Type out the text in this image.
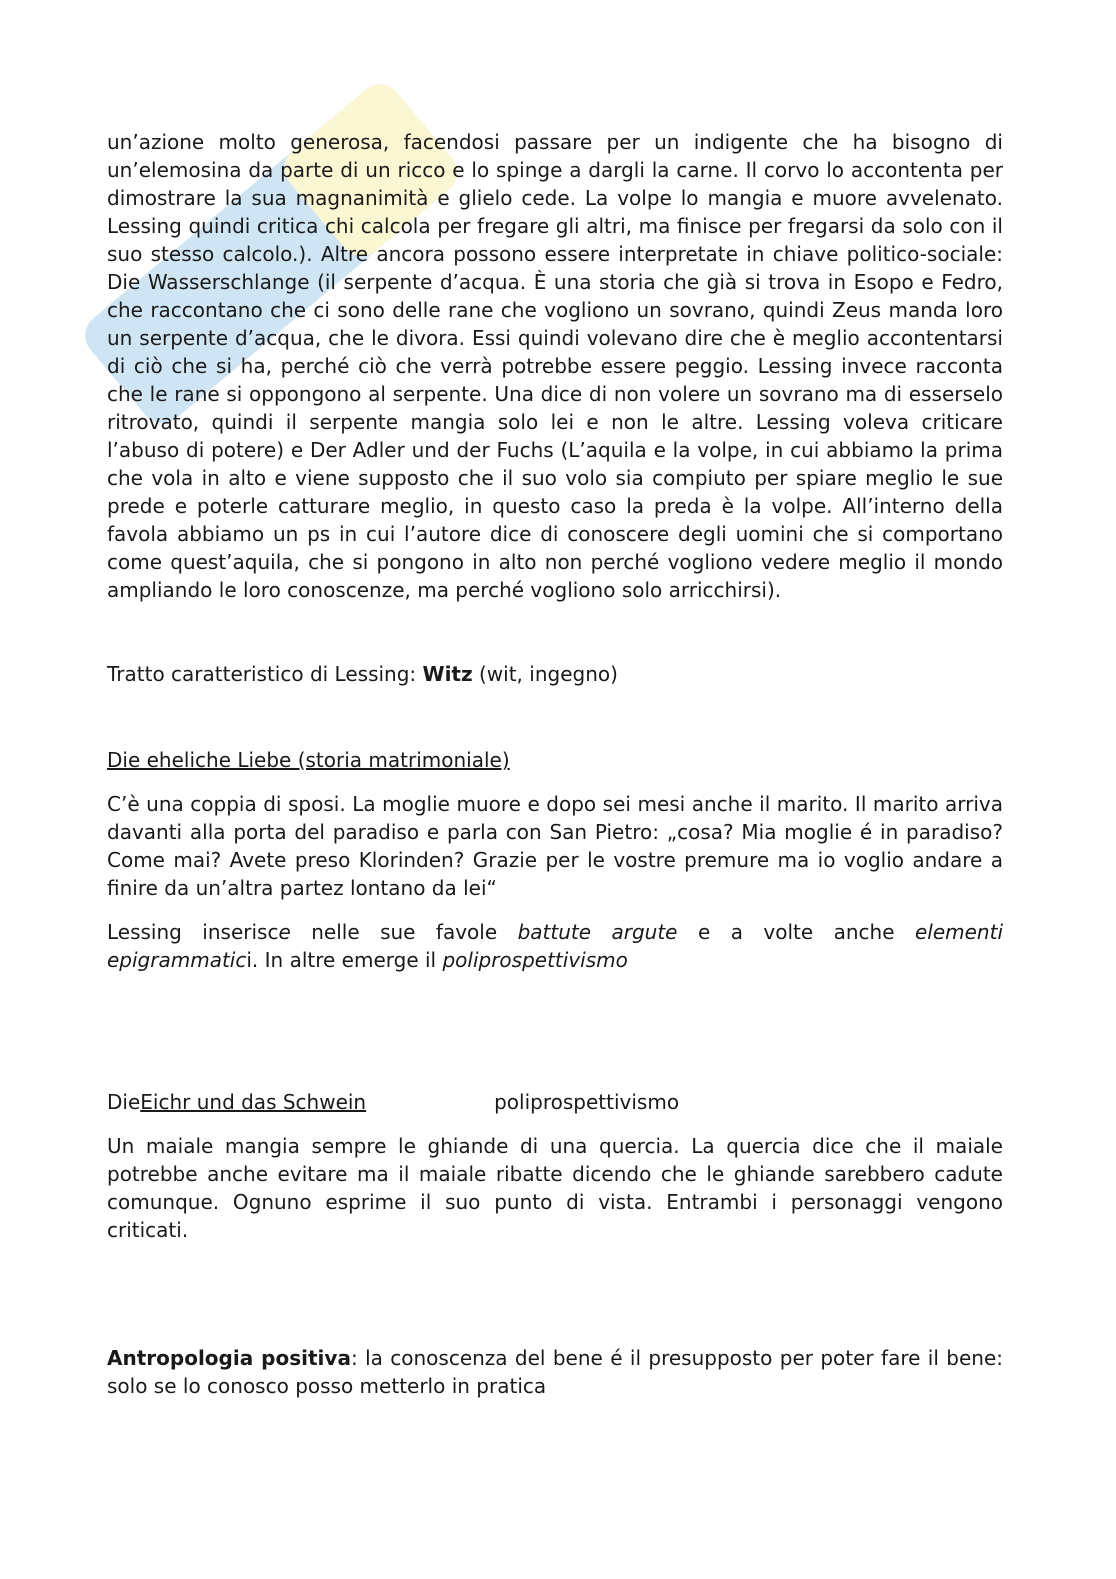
un’azione molto generosa, facendosi passare per un indigente che ha bisogno di un’elemosina da parte di un ricco e lo spinge a dargli la carne. Il corvo lo accontenta per dimostrare la sua magnanimità e glielo cede. La volpe lo mangia e muore avvelenato. Lessing quindi critica chi calcola per fregare gli altri, ma finisce per fregarsi da solo con il suo stesso calcolo.). Altre ancora possono essere interpretate in chiave politico-sociale: Die Wasserschlange (il serpente d’acqua. È una storia che già si trova in Esopo e Fedro, che raccontano che ci sono delle rane che vogliono un sovrano, quindi Zeus manda loro un serpente d’acqua, che le divora. Essi quindi volevano dire che è meglio accontentarsi di ciò che si ha, perché ciò che verrà potrebbe essere peggio. Lessing invece racconta che le rane si oppongono al serpente. Una dice di non volere un sovrano ma di esserselo ritrovato, quindi il serpente mangia solo lei e non le altre. Lessing voleva criticare l’abuso di potere) e Der Adler und der Fuchs (L’aquila e la volpe, in cui abbiamo la prima che vola in alto e viene supposto che il suo volo sia compiuto per spiare meglio le sue prede e poterle catturare meglio, in questo caso la preda è la volpe. All’interno della favola abbiamo un ps in cui l’autore dice di conoscere degli uomini che si comportano come quest’aquila, che si pongono in alto non perché vogliono vedere meglio il mondo ampliando le loro conoscenze, ma perché vogliono solo arricchirsi).

Tratto caratteristico di Lessing: Witz (wit, ingegno)

Die eheliche Liebe (storia matrimoniale)

C’è una coppia di sposi. La moglie muore e dopo sei mesi anche il marito. Il marito arriva davanti alla porta del paradiso e parla con San Pietro: „cosa? Mia moglie é in paradiso? Come mai? Avete preso Klorinden? Grazie per le vostre premure ma io voglio andare a finire da un’altra partez lontano da lei“

Lessing inserisce nelle sue favole battute argute e a volte anche elementi epigrammatici. In altre emerge il poliprospettivismo

Die Eichr und das Schwein	poliprospettivismo

Un maiale mangia sempre le ghiande di una quercia. La quercia dice che il maiale potrebbe anche evitare ma il maiale ribatte dicendo che le ghiande sarebbero cadute comunque. Ognuno esprime il suo punto di vista. Entrambi i personaggi vengono criticati.

Antropologia positiva: la conoscenza del bene é il presupposto per poter fare il bene: solo se lo conosco posso metterlo in pratica
